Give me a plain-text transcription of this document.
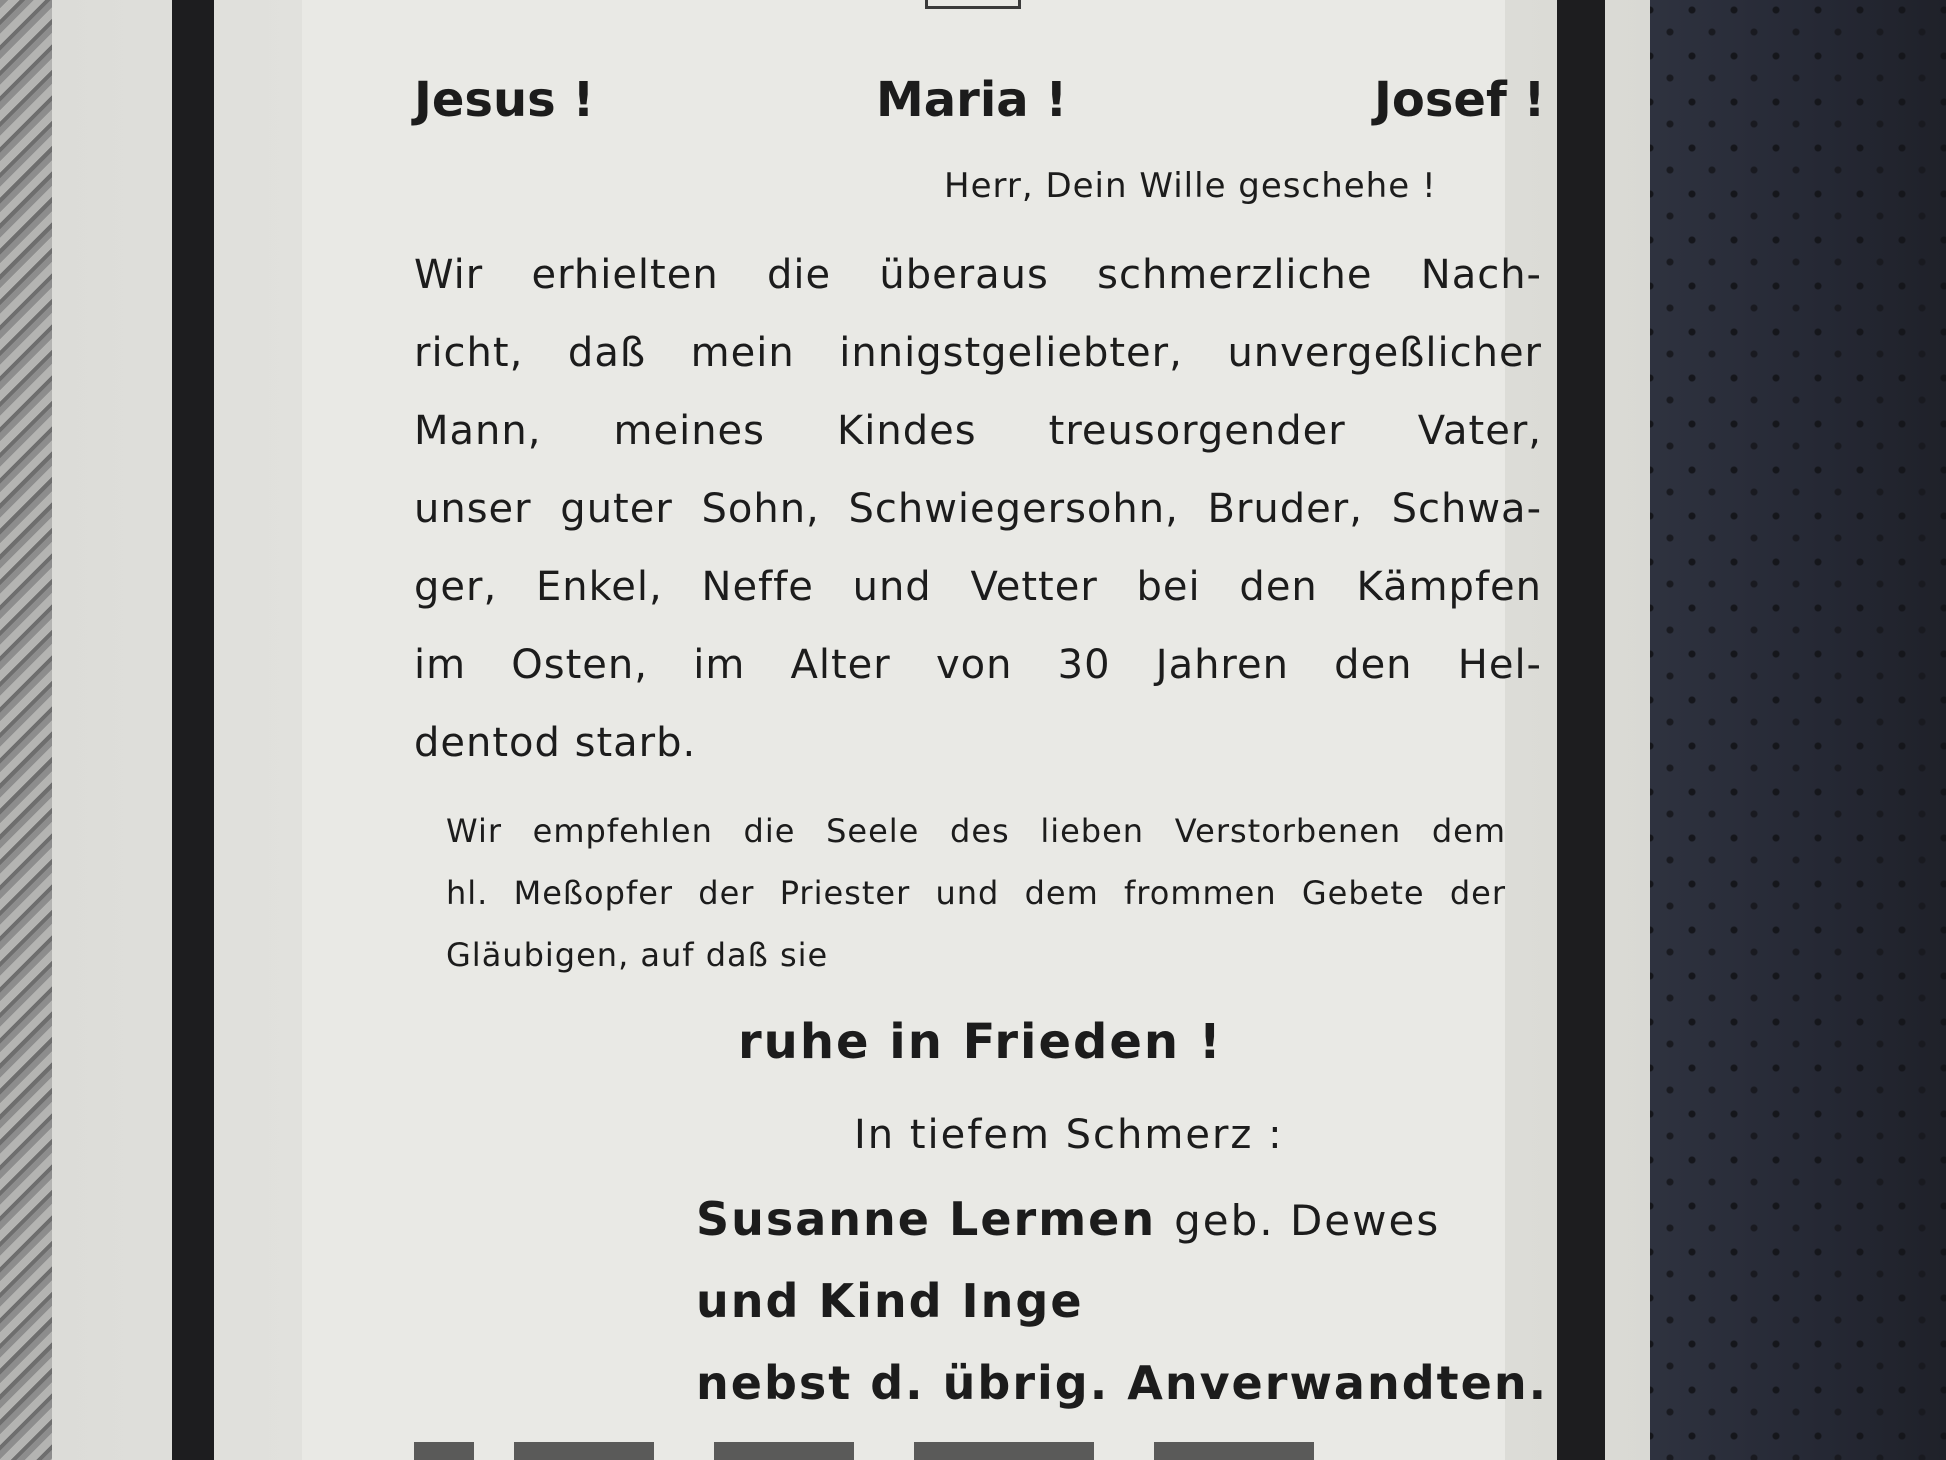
Jesus !	Maria !	Josef !
Herr, Dein Wille geschehe !
Wir erhielten die überaus schmerzliche Nach-
richt, daß mein innigstgeliebter, unvergeßlicher
Mann, meines Kindes treusorgender Vater,
unser guter Sohn, Schwiegersohn, Bruder, Schwa-
ger, Enkel, Neffe und Vetter bei den Kämpfen
im Osten, im Alter von 30 Jahren den Hel-
dentod starb.
Wir empfehlen die Seele des lieben Verstorbenen dem
hl. Meßopfer der Priester und dem frommen Gebete der
Gläubigen, auf daß sie
ruhe in Frieden !
In tiefem Schmerz :
Susanne Lermen geb. Dewes
und Kind Inge
nebst d. übrig. Anverwandten.
